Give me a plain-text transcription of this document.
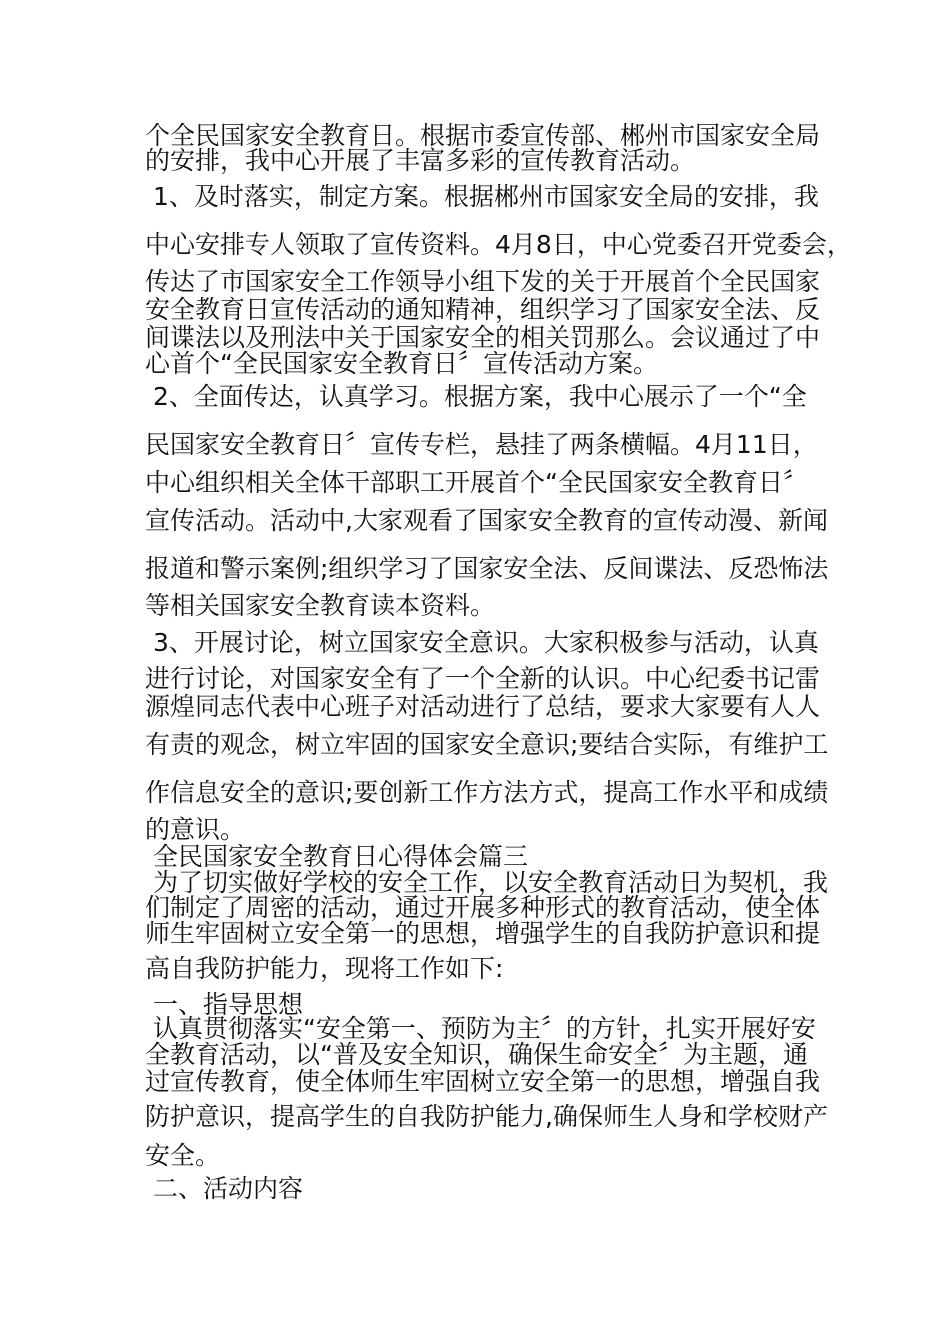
个全民国家安全教育日。根据市委宣传部、郴州市国家安全局
的安排，我中心开展了丰富多彩的宣传教育活动。
1、及时落实，制定方案。根据郴州市国家安全局的安排，我
中心安排专人领取了宣传资料。4月8日，中心党委召开党委会，
传达了市国家安全工作领导小组下发的关于开展首个全民国家
安全教育日宣传活动的通知精神，组织学习了国家安全法、反
间谍法以及刑法中关于国家安全的相关罚那么。会议通过了中
心首个“全民国家安全教育日〞宣传活动方案。
2、全面传达，认真学习。根据方案，我中心展示了一个“全
民国家安全教育日〞宣传专栏，悬挂了两条横幅。4月11日，
中心组织相关全体干部职工开展首个“全民国家安全教育日〞
宣传活动。活动中,大家观看了国家安全教育的宣传动漫、新闻
报道和警示案例;组织学习了国家安全法、反间谍法、反恐怖法
等相关国家安全教育读本资料。
3、开展讨论，树立国家安全意识。大家积极参与活动，认真
进行讨论，对国家安全有了一个全新的认识。中心纪委书记雷
源煌同志代表中心班子对活动进行了总结，要求大家要有人人
有责的观念，树立牢固的国家安全意识;要结合实际，有维护工
作信息安全的意识;要创新工作方法方式，提高工作水平和成绩
的意识。
全民国家安全教育日心得体会篇三
为了切实做好学校的安全工作，以安全教育活动日为契机，我
们制定了周密的活动，通过开展多种形式的教育活动，使全体
师生牢固树立安全第一的思想，增强学生的自我防护意识和提
高自我防护能力，现将工作如下:
一、指导思想
认真贯彻落实“安全第一、预防为主〞的方针，扎实开展好安
全教育活动，以“普及安全知识，确保生命安全〞为主题，通
过宣传教育，使全体师生牢固树立安全第一的思想，增强自我
防护意识，提高学生的自我防护能力,确保师生人身和学校财产
安全。
二、活动内容
